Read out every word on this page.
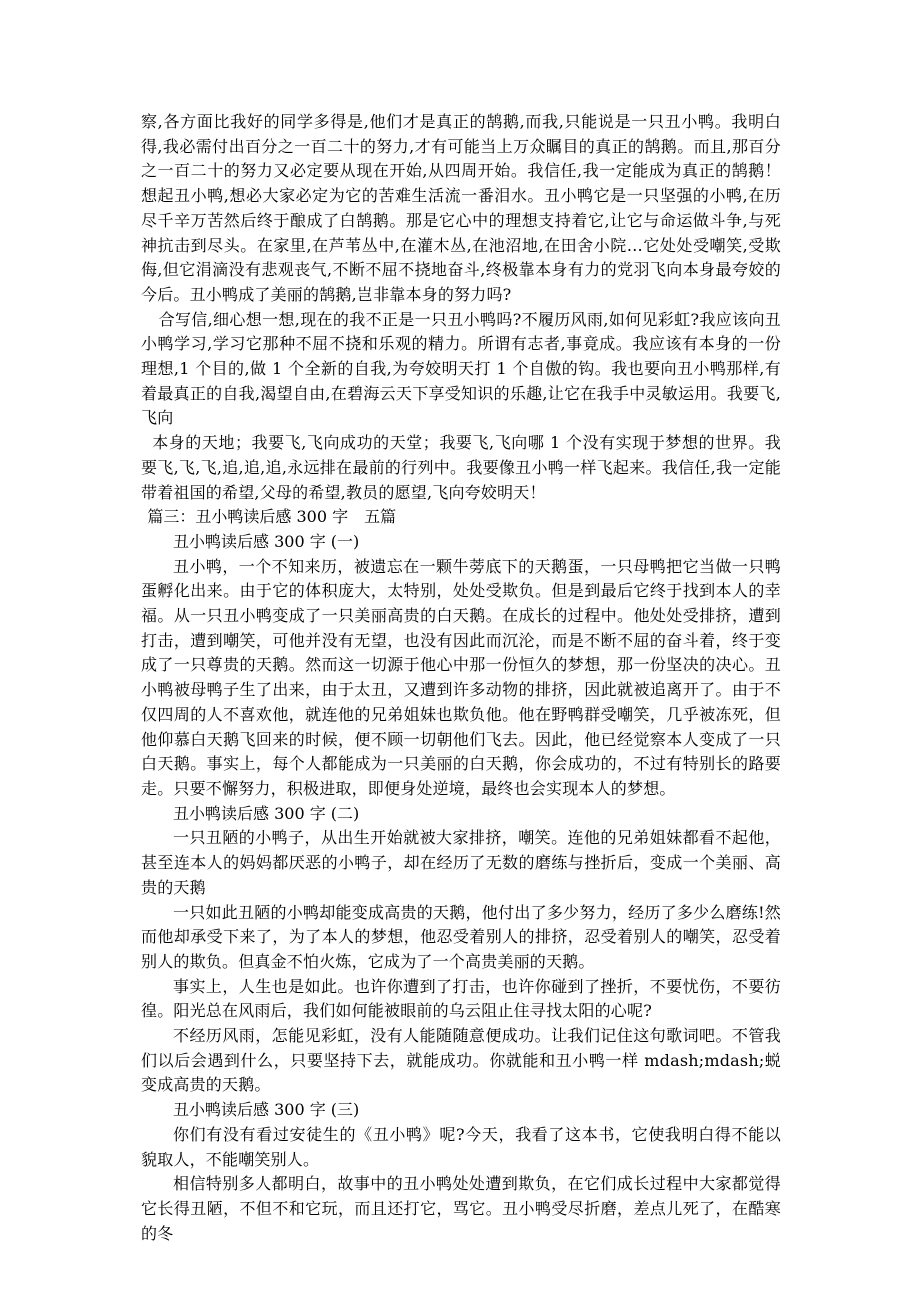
察,各方面比我好的同学多得是,他们才是真正的鹄鹅,而我,只能说是一只丑小鸭。我明白得,我必需付出百分之一百二十的努力,才有可能当上万众瞩目的真正的鹄鹅。而且,那百分之一百二十的努力又必定要从现在开始,从四周开始。我信任,我一定能成为真正的鹄鹅！　想起丑小鸭,想必大家必定为它的苦难生活流一番泪水。丑小鸭它是一只坚强的小鸭,在历尽千辛万苦然后终于酿成了白鹄鹅。那是它心中的理想支持着它,让它与命运做斗争,与死神抗击到尽头。在家里,在芦苇丛中,在灌木丛,在池沼地,在田舍小院…它处处受嘲笑,受欺侮,但它涓滴没有悲观丧气,不断不屈不挠地奋斗,终极靠本身有力的党羽飞向本身最夸姣的今后。丑小鸭成了美丽的鹄鹅,岂非靠本身的努力吗?

合写信,细心想一想,现在的我不正是一只丑小鸭吗?不履历风雨,如何见彩虹?我应该向丑小鸭学习,学习它那种不屈不挠和乐观的精力。所谓有志者,事竟成。我应该有本身的一份理想,1 个目的,做 1 个全新的自我,为夸姣明天打 1 个自傲的钩。我也要向丑小鸭那样,有着最真正的自我,渴望自由,在碧海云天下享受知识的乐趣,让它在我手中灵敏运用。我要飞,飞向

本身的天地；我要飞,飞向成功的天堂；我要飞,飞向哪 1 个没有实现于梦想的世界。我要飞,飞,飞,追,追,追,永远排在最前的行列中。我要像丑小鸭一样飞起来。我信任,我一定能带着祖国的希望,父母的希望,教员的愿望,飞向夸姣明天！

篇三：丑小鸭读后感 300 字　五篇

丑小鸭读后感 300 字 (一)

丑小鸭，一个不知来历，被遗忘在一颗牛蒡底下的天鹅蛋，一只母鸭把它当做一只鸭蛋孵化出来。由于它的体积庞大，太特别，处处受欺负。但是到最后它终于找到本人的幸福。从一只丑小鸭变成了一只美丽高贵的白天鹅。在成长的过程中。他处处受排挤，遭到打击，遭到嘲笑，可他并没有无望，也没有因此而沉沦，而是不断不屈的奋斗着，终于变成了一只尊贵的天鹅。然而这一切源于他心中那一份恒久的梦想，那一份坚决的决心。丑小鸭被母鸭子生了出来，由于太丑，又遭到许多动物的排挤，因此就被追离开了。由于不仅四周的人不喜欢他，就连他的兄弟姐妹也欺负他。他在野鸭群受嘲笑，几乎被冻死，但他仰慕白天鹅飞回来的时候，便不顾一切朝他们飞去。因此，他已经觉察本人变成了一只白天鹅。事实上，每个人都能成为一只美丽的白天鹅，你会成功的，不过有特别长的路要走。只要不懈努力，积极进取，即便身处逆境，最终也会实现本人的梦想。

丑小鸭读后感 300 字 (二)

一只丑陋的小鸭子，从出生开始就被大家排挤，嘲笑。连他的兄弟姐妹都看不起他，甚至连本人的妈妈都厌恶的小鸭子，却在经历了无数的磨练与挫折后，变成一个美丽、高贵的天鹅

一只如此丑陋的小鸭却能变成高贵的天鹅，他付出了多少努力，经历了多少么磨练!然而他却承受下来了，为了本人的梦想，他忍受着别人的排挤，忍受着别人的嘲笑，忍受着别人的欺负。但真金不怕火炼，它成为了一个高贵美丽的天鹅。

事实上，人生也是如此。也许你遭到了打击，也许你碰到了挫折，不要忧伤，不要彷徨。阳光总在风雨后，我们如何能被眼前的乌云阻止住寻找太阳的心呢?

不经历风雨，怎能见彩虹，没有人能随随意便成功。让我们记住这句歌词吧。不管我们以后会遇到什么，只要坚持下去，就能成功。你就能和丑小鸭一样 mdash;mdash;蜕变成高贵的天鹅。

丑小鸭读后感 300 字 (三)

你们有没有看过安徒生的《丑小鸭》呢?今天，我看了这本书，它使我明白得不能以貌取人，不能嘲笑别人。

相信特别多人都明白，故事中的丑小鸭处处遭到欺负，在它们成长过程中大家都觉得它长得丑陋，不但不和它玩，而且还打它，骂它。丑小鸭受尽折磨，差点儿死了，在酷寒的冬
